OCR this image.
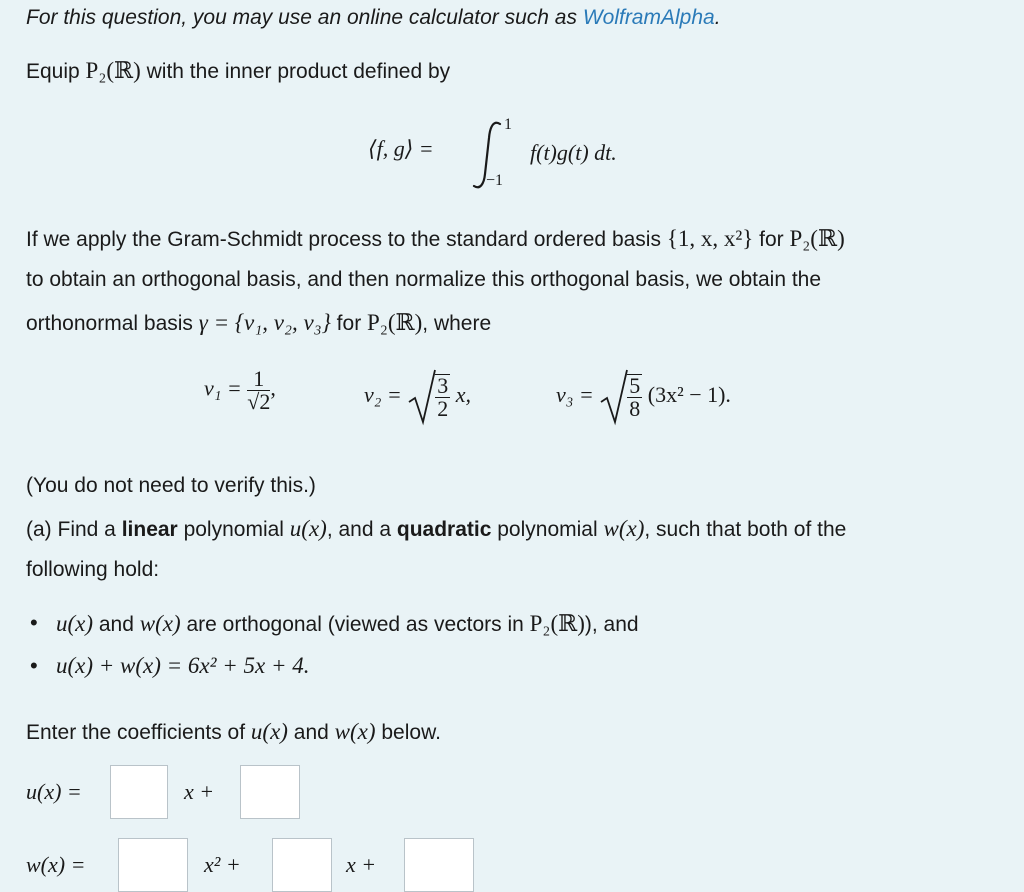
For this question, you may use an online calculator such as WolframAlpha.
Equip P₂(ℝ) with the inner product defined by
⟨f, g⟩ =
1
−1
f(t)g(t) dt.
If we apply the Gram-Schmidt process to the standard ordered basis {1, x, x²} for P₂(ℝ)
to obtain an orthogonal basis, and then normalize this orthogonal basis, we obtain the
orthonormal basis γ = {v₁, v₂, v₃} for P₂(ℝ), where
$v_1 = \frac{1}{√2}$ ,	$v_2 = \frac{3}{2} x$,	$v_3 = \frac{5}{8} (3x^2 - 1)$.
(You do not need to verify this.)
(a) Find a linear polynomial u(x), and a quadratic polynomial w(x), such that both of the
following hold:
• u(x) and w(x) are orthogonal (viewed as vectors in P₂(ℝ)), and
• u(x) + w(x) = 6x² + 5x + 4.
Enter the coefficients of u(x) and w(x) below.
u(x) =	x +
w(x) =	x² +	x +
